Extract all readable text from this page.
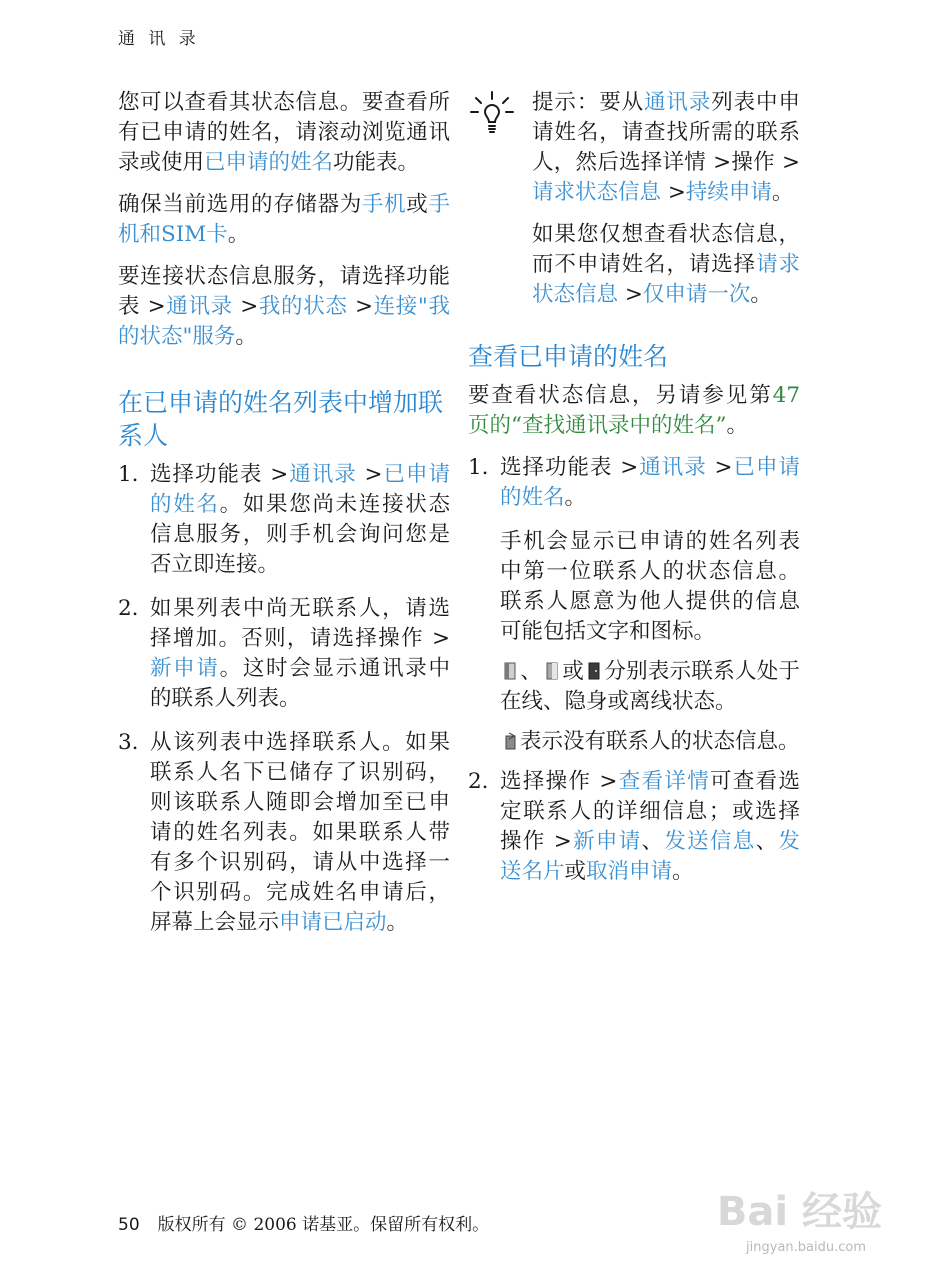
通 讯 录

您可以查看其状态信息。要查看所有已申请的姓名，请滚动浏览通讯录或使用已申请的姓名功能表。

确保当前选用的存储器为手机或手机和SIM卡。

要连接状态信息服务，请选择功能表 >通讯录 >我的状态 >连接"我的状态"服务。

在已申请的姓名列表中增加联系人
1. 选择功能表 >通讯录 >已申请的姓名。如果您尚未连接状态信息服务，则手机会询问您是否立即连接。
2. 如果列表中尚无联系人，请选择增加。否则，请选择操作 >新申请。这时会显示通讯录中的联系人列表。
3. 从该列表中选择联系人。如果联系人名下已储存了识别码，则该联系人随即会增加至已申请的姓名列表。如果联系人带有多个识别码，请从中选择一个识别码。完成姓名申请后，屏幕上会显示申请已启动。

提示：要从通讯录列表中申请姓名，请查找所需的联系人，然后选择详情 >操作 >请求状态信息 >持续申请。

如果您仅想查看状态信息，而不申请姓名，请选择请求状态信息 >仅申请一次。

查看已申请的姓名

要查看状态信息，另请参见第47 页的“查找通讯录中的姓名”。

1. 选择功能表 >通讯录 >已申请的姓名。

手机会显示已申请的姓名列表中第一位联系人的状态信息。联系人愿意为他人提供的信息可能包括文字和图标。

、 或 分别表示联系人处于在线、隐身或离线状态。

表示没有联系人的状态信息。

2. 选择操作 >查看详情可查看选定联系人的详细信息；或选择操作 >新申请、发送信息、发送名片或取消申请。
50 版权所有 © 2006 诺基亚。保留所有权利。	Bai 经验
jingyan.baidu.com
